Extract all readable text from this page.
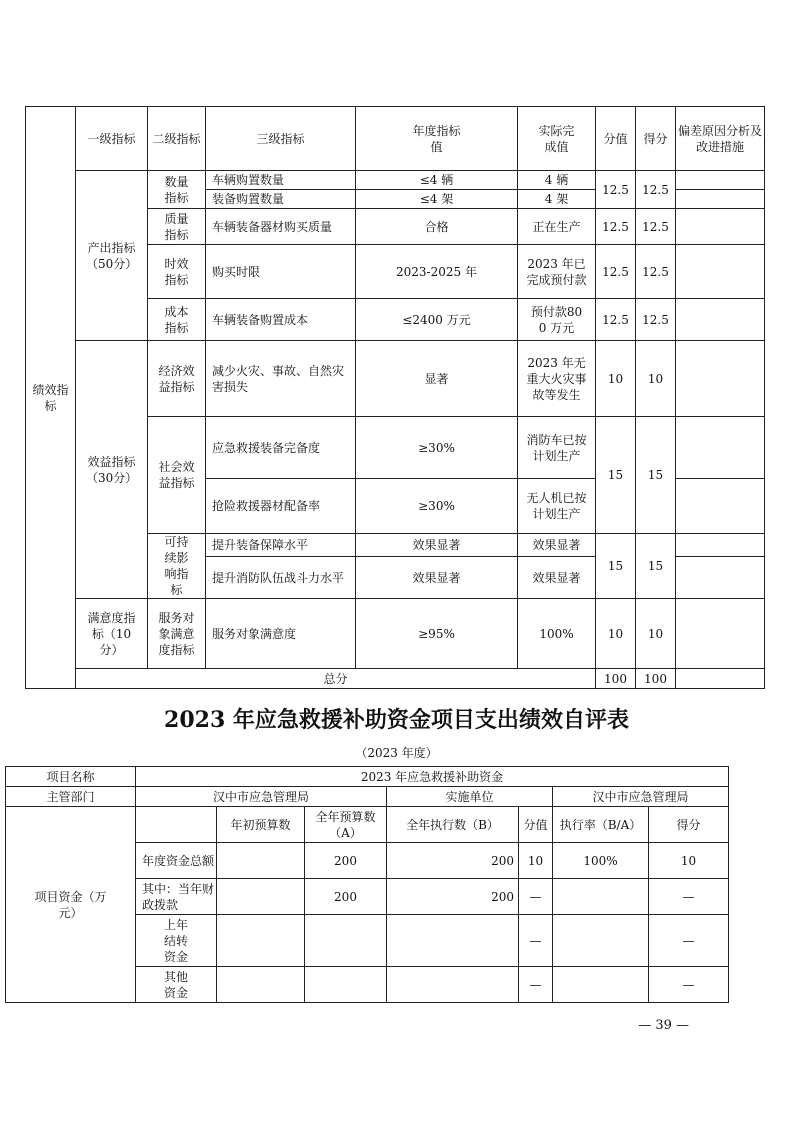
绩效指标	一级指标	二级指标	三级指标	年度指标值	实际完成值	分值	得分	偏差原因分析及改进措施
	产出指标（50分）	数量指标	车辆购置数量	≤4 辆	4 辆	12.5	12.5	
			装备购置数量	≤4 架	4 架			
		质量指标	车辆装备器材购买质量	合格	正在生产	12.5	12.5	
		时效指标	购买时限	2023-2025 年	2023 年已完成预付款	12.5	12.5	
		成本指标	车辆装备购置成本	≤2400 万元	预付款800 万元	12.5	12.5	
	效益指标（30分）	经济效益指标	减少火灾、事故、自然灾害损失	显著	2023 年无重大火灾事故等发生	10	10	
		社会效益指标	应急救援装备完备度	≥30%	消防车已按计划生产	15	15	
			抢险救援器材配备率	≥30%	无人机已按计划生产			
		可持续影响指标	提升装备保障水平	效果显著	效果显著	15	15	
			提升消防队伍战斗力水平	效果显著	效果显著			
	满意度指标（10分）	服务对象满意度指标	服务对象满意度	≥95%	100%	10	10	
	总分					100	100	
2023 年应急救援补助资金项目支出绩效自评表
（2023 年度）
项目名称	2023 年应急救援补助资金						
主管部门	汉中市应急管理局			实施单位		汉中市应急管理局	
项目资金（万元）		年初预算数	全年预算数（A）	全年执行数（B）	分值	执行率（B/A）	得分
	年度资金总额		200	200	10	100%	10
	其中：当年财政拨款		200	200	—		—
	上年结转资金				—		—
	其他资金				—		—
— 39 —
